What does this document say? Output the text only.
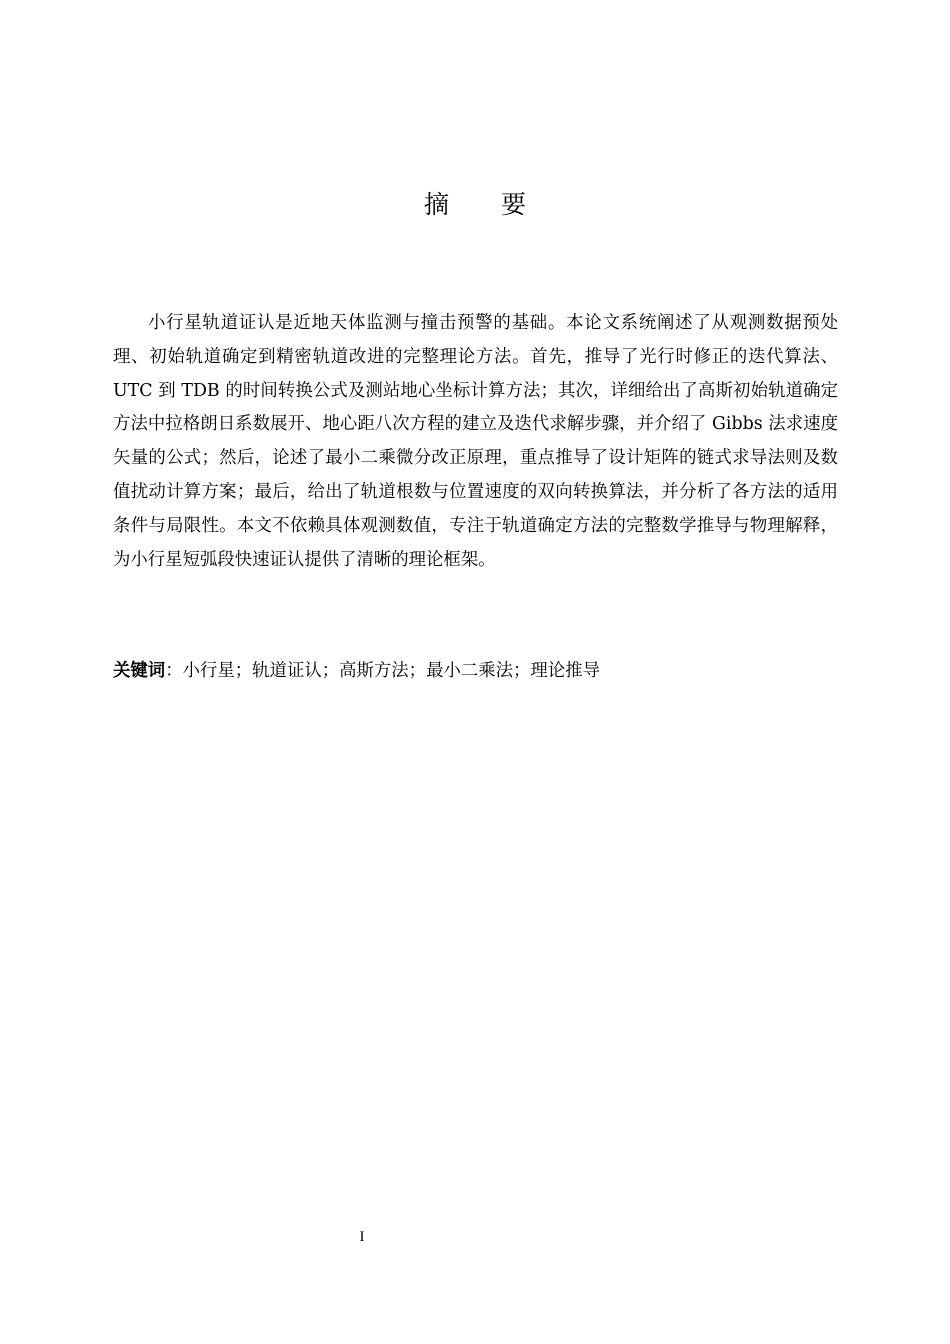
摘 要

小行星轨道证认是近地天体监测与撞击预警的基础。本论文系统阐述了从观测数据预处理、初始轨道确定到精密轨道改进的完整理论方法。首先，推导了光行时修正的迭代算法、UTC 到 TDB 的时间转换公式及测站地心坐标计算方法；其次，详细给出了高斯初始轨道确定方法中拉格朗日系数展开、地心距八次方程的建立及迭代求解步骤，并介绍了 Gibbs 法求速度矢量的公式；然后，论述了最小二乘微分改正原理，重点推导了设计矩阵的链式求导法则及数值扰动计算方案；最后，给出了轨道根数与位置速度的双向转换算法，并分析了各方法的适用条件与局限性。本文不依赖具体观测数值，专注于轨道确定方法的完整数学推导与物理解释，为小行星短弧段快速证认提供了清晰的理论框架。

关键词：小行星；轨道证认；高斯方法；最小二乘法；理论推导

I
